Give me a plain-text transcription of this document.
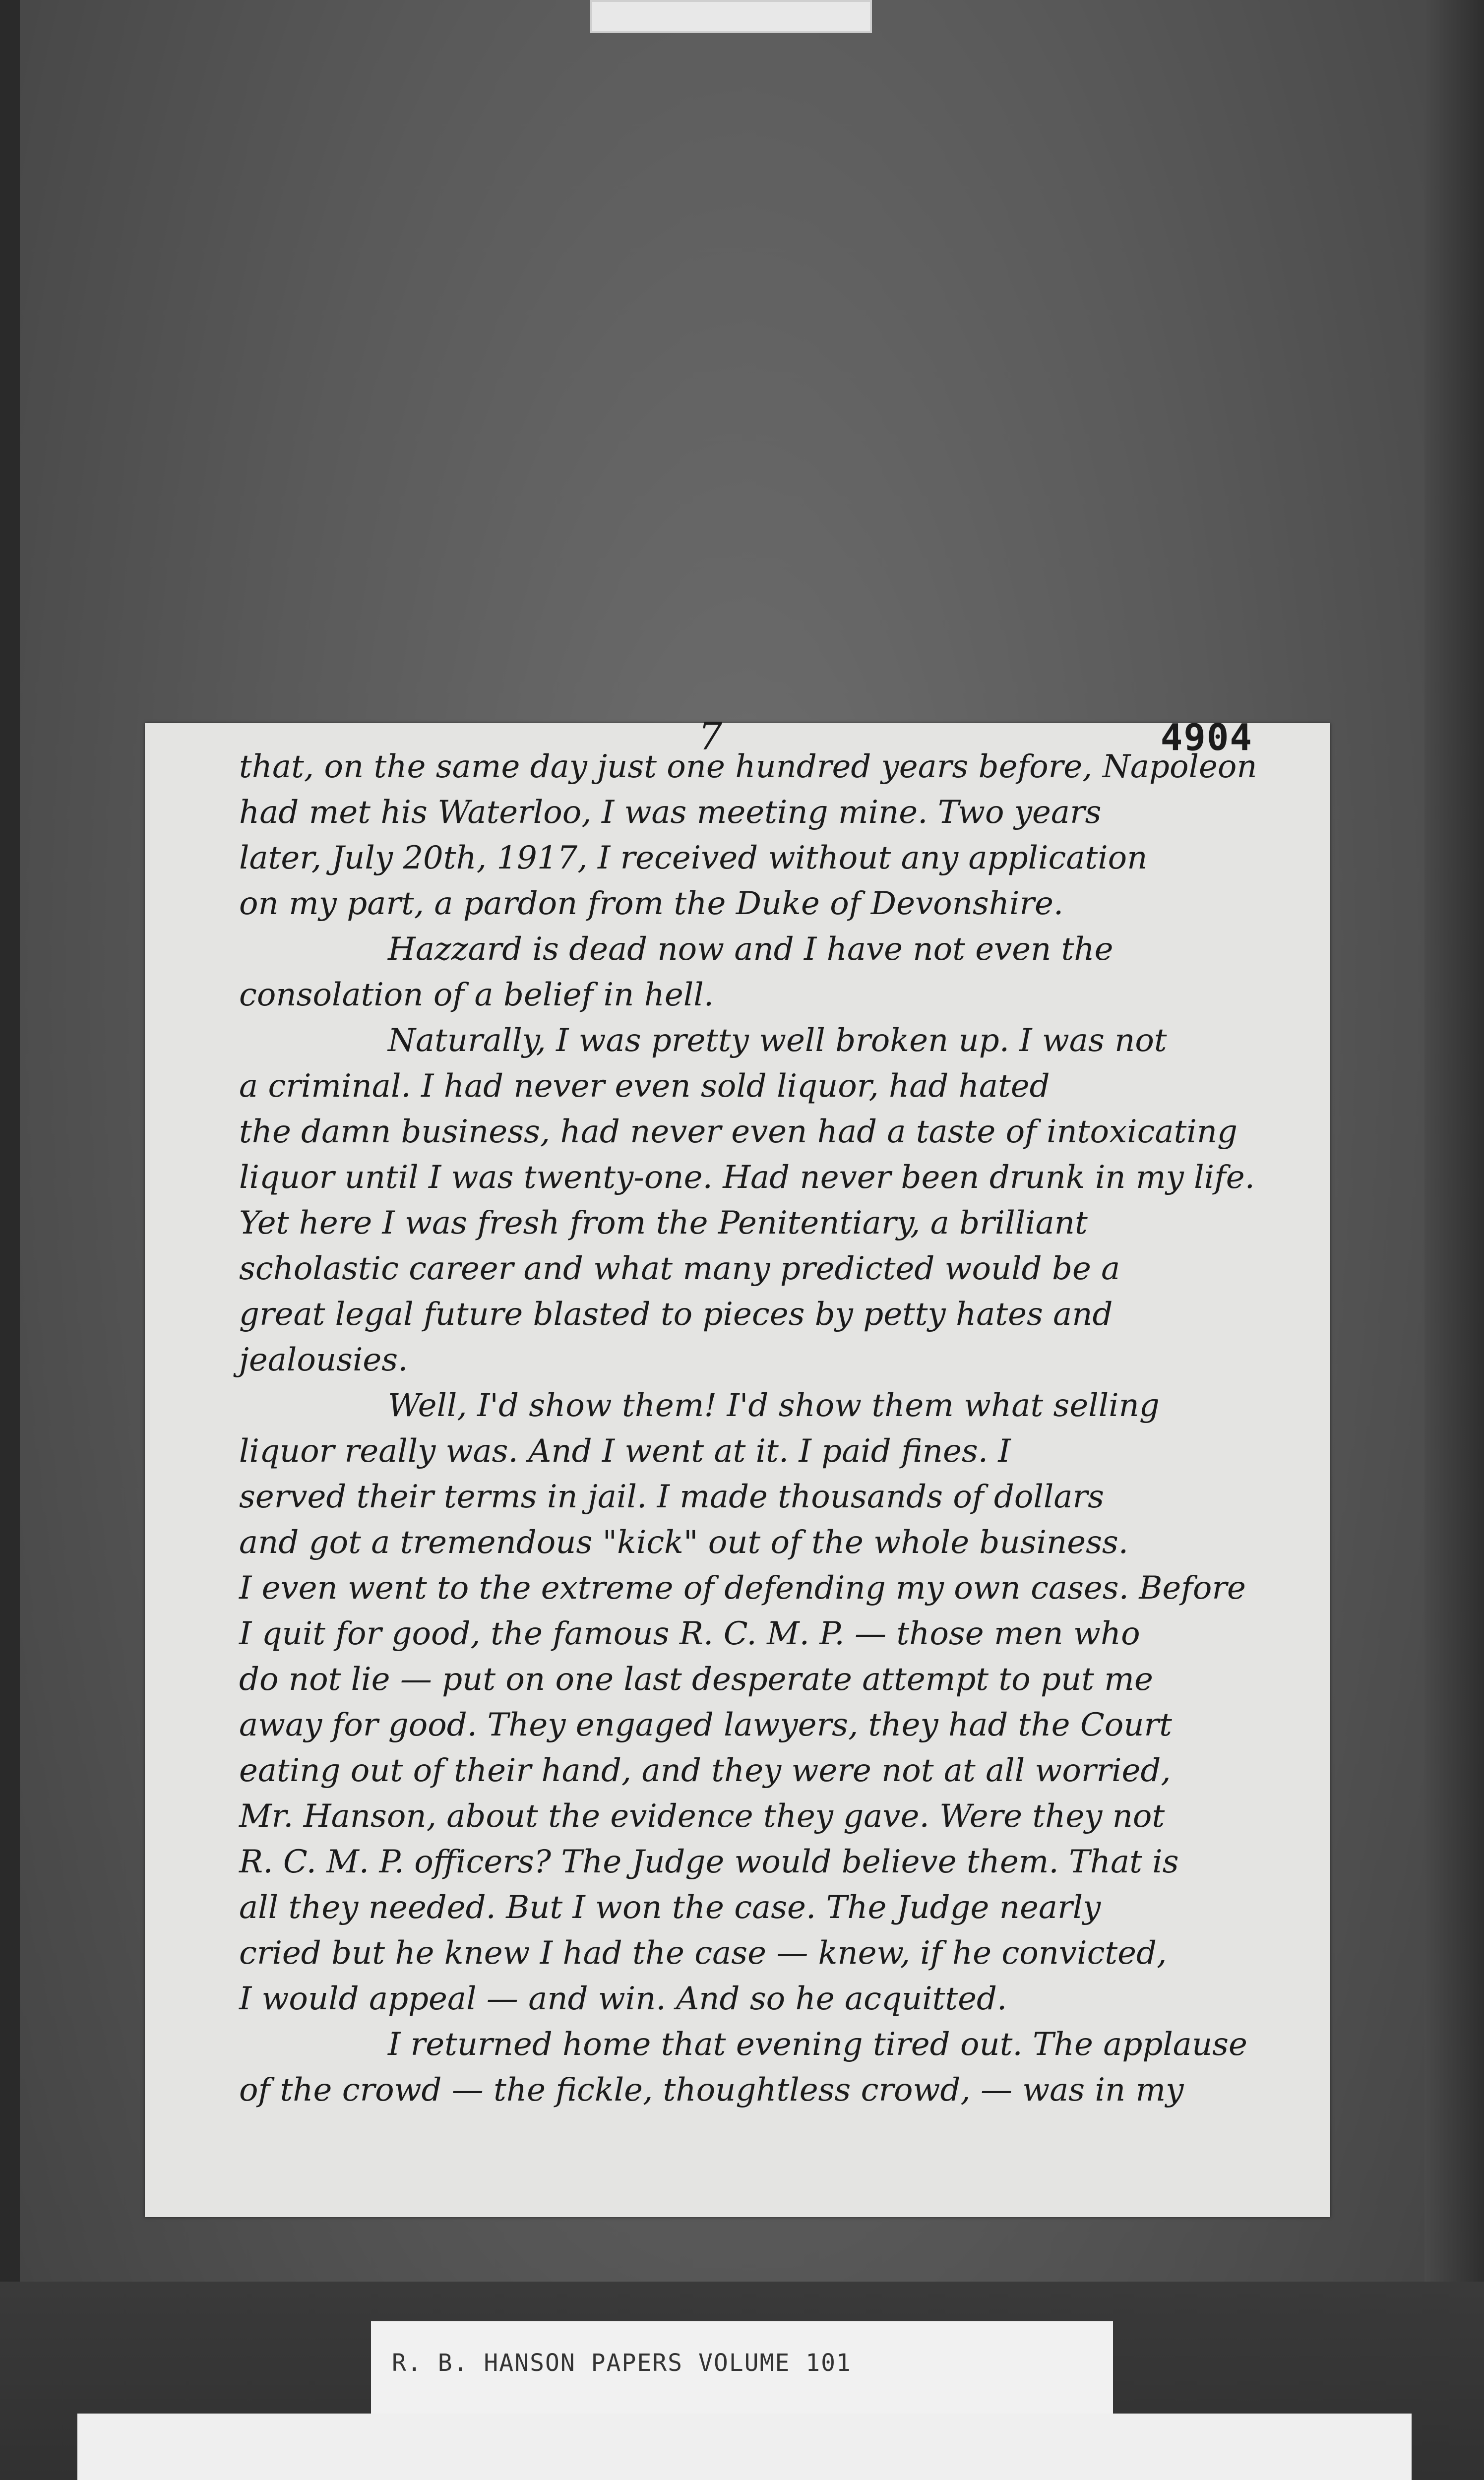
7	4904
that, on the same day just one hundred years before, Napoleon
had met his Waterloo, I was meeting mine. Two years
later, July 20th, 1917, I received without any application
on my part, a pardon from the Duke of Devonshire.
Hazzard is dead now and I have not even the
consolation of a belief in hell.
Naturally, I was pretty well broken up. I was not
a criminal. I had never even sold liquor, had hated
the damn business, had never even had a taste of intoxicating
liquor until I was twenty-one. Had never been drunk in my life.
Yet here I was fresh from the Penitentiary, a brilliant
scholastic career and what many predicted would be a
great legal future blasted to pieces by petty hates and
jealousies.
Well, I'd show them! I'd show them what selling
liquor really was. And I went at it. I paid fines. I
served their terms in jail. I made thousands of dollars
and got a tremendous "kick" out of the whole business.
I even went to the extreme of defending my own cases. Before
I quit for good, the famous R. C. M. P. — those men who
do not lie — put on one last desperate attempt to put me
away for good. They engaged lawyers, they had the Court
eating out of their hand, and they were not at all worried,
Mr. Hanson, about the evidence they gave. Were they not
R. C. M. P. officers? The Judge would believe them. That is
all they needed. But I won the case. The Judge nearly
cried but he knew I had the case — knew, if he convicted,
I would appeal — and win. And so he acquitted.
I returned home that evening tired out. The applause
of the crowd — the fickle, thoughtless crowd, — was in my
R. B. HANSON PAPERS VOLUME 101
